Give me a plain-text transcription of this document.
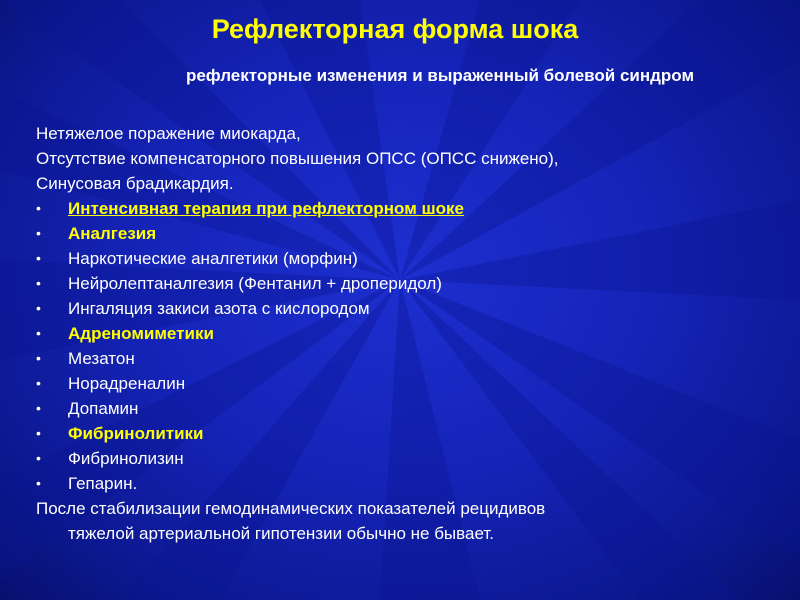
Рефлекторная форма шока
рефлекторные изменения и выраженный болевой синдром

Нетяжелое поражение миокарда,

Отсутствие компенсаторного повышения ОПСС (ОПСС снижено),

Синусовая брадикардия.

• Интенсивная терапия при рефлекторном шоке
• Аналгезия
• Наркотические аналгетики (морфин)
• Нейролептаналгезия (Фентанил + дроперидол)
• Ингаляция закиси азота с кислородом
• Адреномиметики
• Мезатон
• Норадреналин
• Допамин
• Фибринолитики
• Фибринолизин
• Гепарин.

После стабилизации гемодинамических показателей рецидивов
тяжелой артериальной гипотензии обычно не бывает.
